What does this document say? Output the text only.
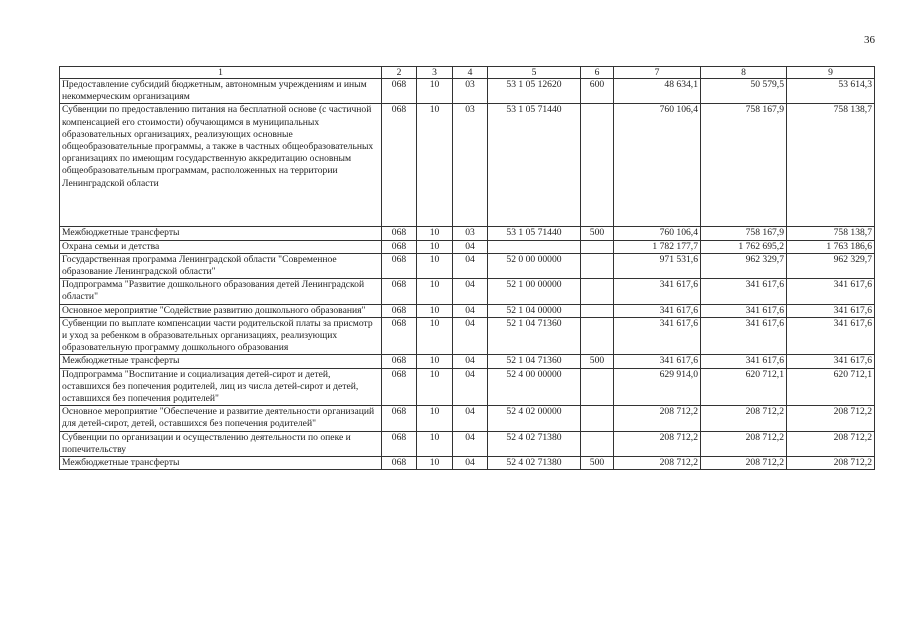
36
1	2	3	4	5	6	7	8	9
Предоставление субсидий бюджетным, автономным учреждениям и иным некоммерческим организациям	068	10	03	53 1 05 12620	600	48 634,1	50 579,5	53 614,3
Субвенции по предоставлению питания на бесплатной основе (с частичной компенсацией его стоимости) обучающимся в муниципальных образовательных организациях, реализующих основные общеобразовательные программы, а также в частных общеобразовательных организациях по имеющим государственную аккредитацию основным общеобразовательным программам, расположенных на территории Ленинградской области	068	10	03	53 1 05 71440		760 106,4	758 167,9	758 138,7
Межбюджетные трансферты	068	10	03	53 1 05 71440	500	760 106,4	758 167,9	758 138,7
Охрана семьи и детства	068	10	04			1 782 177,7	1 762 695,2	1 763 186,6
Государственная программа Ленинградской области "Современное образование Ленинградской области"	068	10	04	52 0 00 00000		971 531,6	962 329,7	962 329,7
Подпрограмма "Развитие дошкольного образования детей Ленинградской области"	068	10	04	52 1 00 00000		341 617,6	341 617,6	341 617,6
Основное мероприятие "Содействие развитию дошкольного образования"	068	10	04	52 1 04 00000		341 617,6	341 617,6	341 617,6
Субвенции по выплате компенсации части родительской платы за присмотр и уход за ребенком в образовательных организациях, реализующих образовательную программу дошкольного образования	068	10	04	52 1 04 71360		341 617,6	341 617,6	341 617,6
Межбюджетные трансферты	068	10	04	52 1 04 71360	500	341 617,6	341 617,6	341 617,6
Подпрограмма "Воспитание и социализация детей-сирот и детей, оставшихся без попечения родителей, лиц из числа детей-сирот и детей, оставшихся без попечения родителей"	068	10	04	52 4 00 00000		629 914,0	620 712,1	620 712,1
Основное мероприятие "Обеспечение и развитие деятельности организаций для детей-сирот, детей, оставшихся без попечения родителей"	068	10	04	52 4 02 00000		208 712,2	208 712,2	208 712,2
Субвенции по организации и осуществлению деятельности по опеке и попечительству	068	10	04	52 4 02 71380		208 712,2	208 712,2	208 712,2
Межбюджетные трансферты	068	10	04	52 4 02 71380	500	208 712,2	208 712,2	208 712,2
